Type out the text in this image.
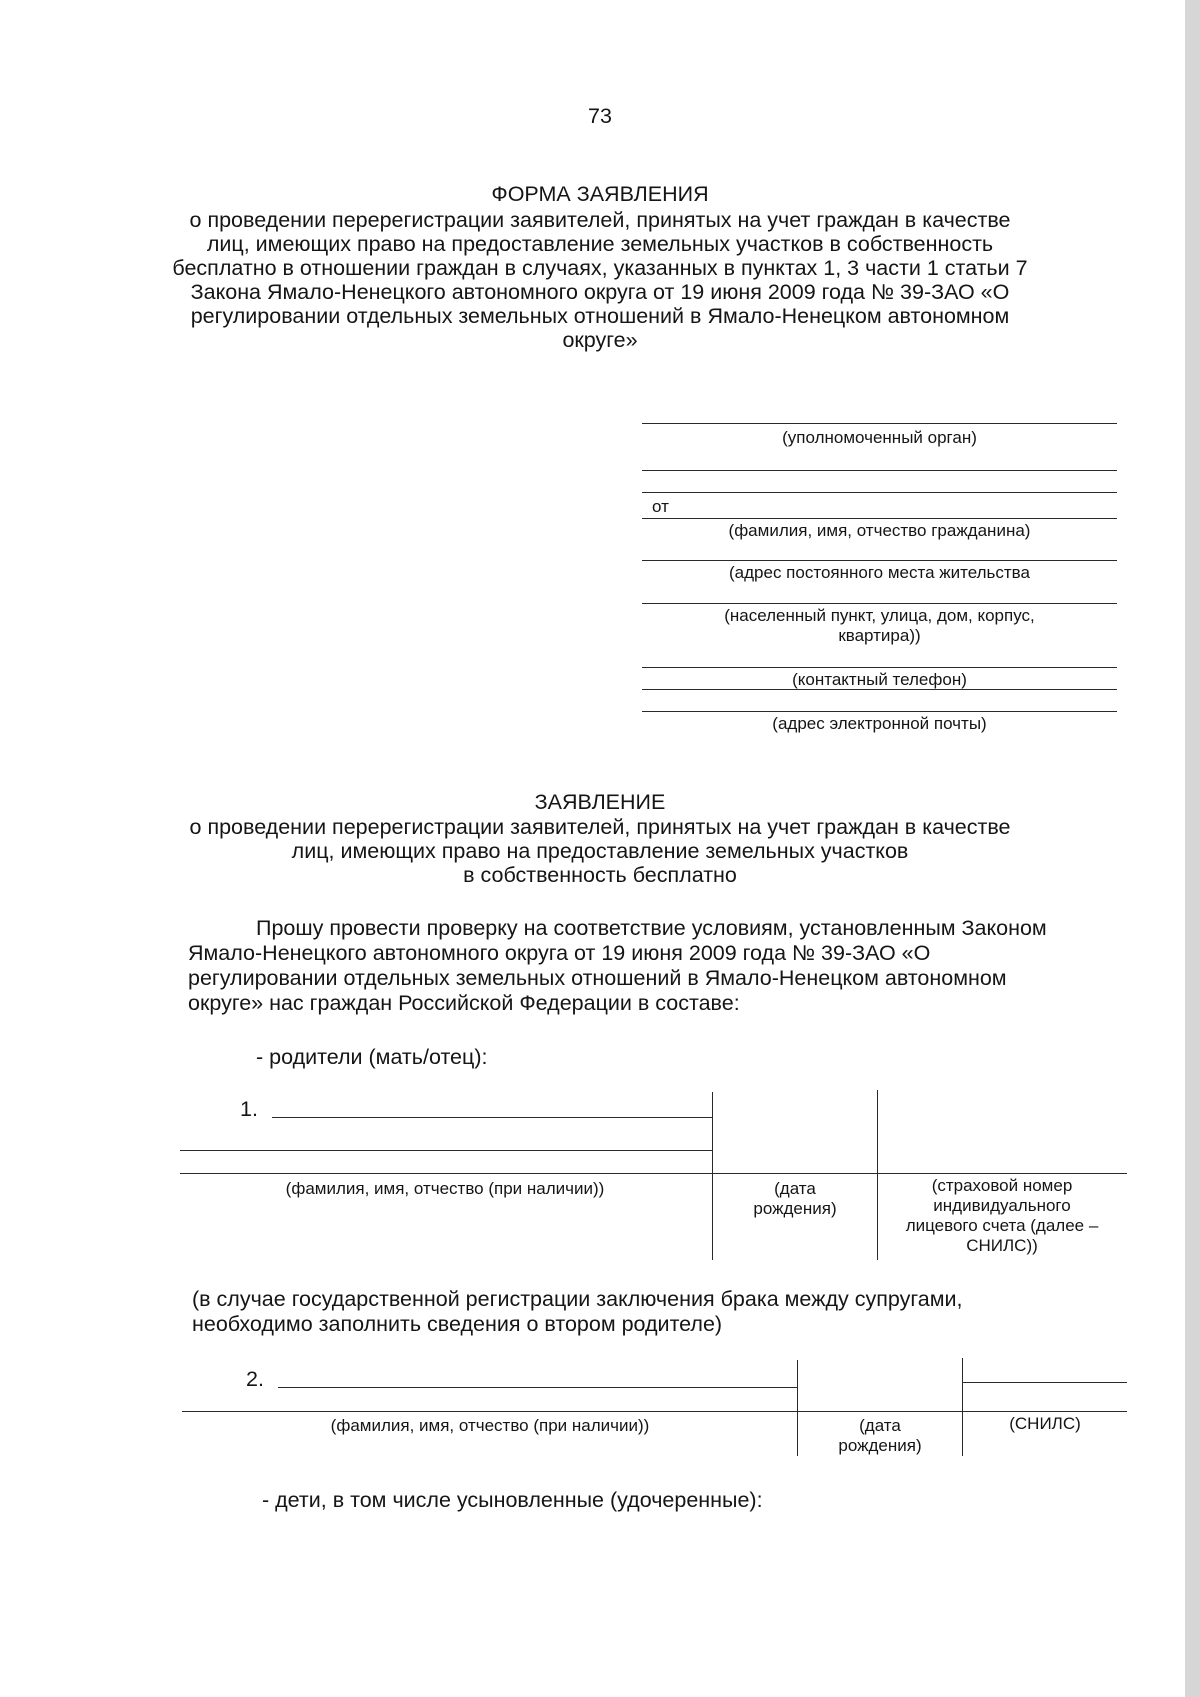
73
ФОРМА ЗАЯВЛЕНИЯ
о проведении перерегистрации заявителей, принятых на учет граждан в качестве
лиц, имеющих право на предоставление земельных участков в собственность
бесплатно в отношении граждан в случаях, указанных в пунктах 1, 3 части 1 статьи 7
Закона Ямало-Ненецкого автономного округа от 19 июня 2009 года № 39-ЗАО «О
регулировании отдельных земельных отношений в Ямало-Ненецком автономном
округе»
(уполномоченный орган)
от
(фамилия, имя, отчество гражданина)
(адрес постоянного места жительства
(населенный пункт, улица, дом, корпус,
квартира))
(контактный телефон)
(адрес электронной почты)
ЗАЯВЛЕНИЕ
о проведении перерегистрации заявителей, принятых на учет граждан в качестве
лиц, имеющих право на предоставление земельных участков
в собственность бесплатно
Прошу провести проверку на соответствие условиям, установленным Законом
Ямало-Ненецкого автономного округа от 19 июня 2009 года № 39-ЗАО «О
регулировании отдельных земельных отношений в Ямало-Ненецком автономном
округе» нас граждан Российской Федерации в составе:
- родители (мать/отец):
1.
(фамилия, имя, отчество (при наличии))	(дата
рождения)
(страховой номер
индивидуального
лицевого счета (далее –
СНИЛС))
(в случае государственной регистрации заключения брака между супругами,
необходимо заполнить сведения о втором родителе)
2.
(фамилия, имя, отчество (при наличии))	(дата
рождения)
(СНИЛС)
- дети, в том числе усыновленные (удочеренные):
